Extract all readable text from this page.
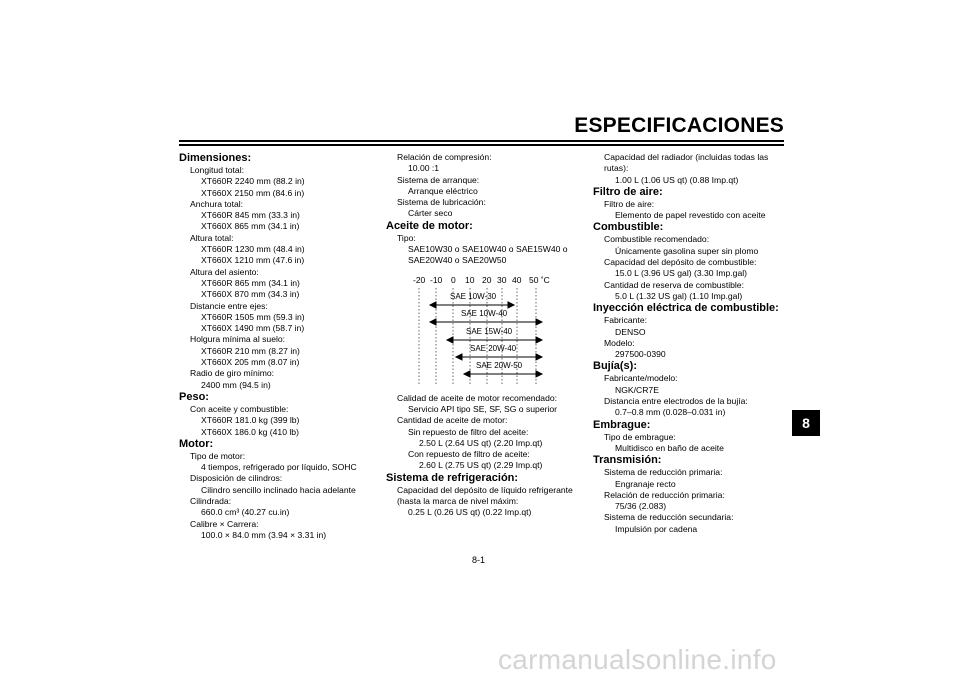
ESPECIFICACIONES
8
Dimensiones:
Longitud total:
XT660R 2240 mm (88.2 in)
XT660X 2150 mm (84.6 in)
Anchura total:
XT660R 845 mm (33.3 in)
XT660X 865 mm (34.1 in)
Altura total:
XT660R 1230 mm (48.4 in)
XT660X 1210 mm (47.6 in)
Altura del asiento:
XT660R 865 mm (34.1 in)
XT660X 870 mm (34.3 in)
Distancie entre ejes:
XT660R 1505 mm (59.3 in)
XT660X 1490 mm (58.7 in)
Holgura mínima al suelo:
XT660R 210 mm (8.27 in)
XT660X 205 mm (8.07 in)
Radio de giro mínimo:
2400 mm (94.5 in)
Peso:
Con aceite y combustible:
XT660R 181.0 kg (399 lb)
XT660X 186.0 kg (410 lb)
Motor:
Tipo de motor:
4 tiempos, refrigerado por líquido, SOHC
Disposición de cilindros:
Cilindro sencillo inclinado hacia adelante
Cilindrada:
660.0 cm³ (40.27 cu.in)
Calibre × Carrera:
100.0 × 84.0 mm (3.94 × 3.31 in)
Relación de compresión:
10.00 :1
Sistema de arranque:
Arranque eléctrico
Sistema de lubricación:
Cárter seco
Aceite de motor:
Tipo:
SAE10W30 o SAE10W40 o SAE15W40 o
SAE20W40 o SAE20W50
-20 -10 0 10 20 30 40 50 ˚C
SAE 10W-30
SAE 10W-40
SAE 15W-40
SAE 20W-40
SAE 20W-50
Calidad de aceite de motor recomendado:
Servicio API tipo SE, SF, SG o superior
Cantidad de aceite de motor:
Sin repuesto de filtro del aceite:
2.50 L (2.64 US qt) (2.20 Imp.qt)
Con repuesto de filtro de aceite:
2.60 L (2.75 US qt) (2.29 Imp.qt)
Sistema de refrigeración:
Capacidad del depósito de líquido refrigerante
(hasta la marca de nivel máxim:
0.25 L (0.26 US qt) (0.22 Imp.qt)
Capacidad del radiador (incluidas todas las
rutas):
1.00 L (1.06 US qt) (0.88 Imp.qt)
Filtro de aire:
Filtro de aire:
Elemento de papel revestido con aceite
Combustible:
Combustible recomendado:
Únicamente gasolina super sin plomo
Capacidad del depósito de combustible:
15.0 L (3.96 US gal) (3.30 Imp.gal)
Cantidad de reserva de combustible:
5.0 L (1.32 US gal) (1.10 Imp.gal)
Inyección eléctrica de combustible:
Fabricante:
DENSO
Modelo:
297500-0390
Bujía(s):
Fabricante/modelo:
NGK/CR7E
Distancia entre electrodos de la bujía:
0.7–0.8 mm (0.028–0.031 in)
Embrague:
Tipo de embrague:
Multidisco en baño de aceite
Transmisión:
Sistema de reducción primaria:
Engranaje recto
Relación de reducción primaria:
75/36 (2.083)
Sistema de reducción secundaria:
Impulsión por cadena
8-1
carmanualsonline.info
